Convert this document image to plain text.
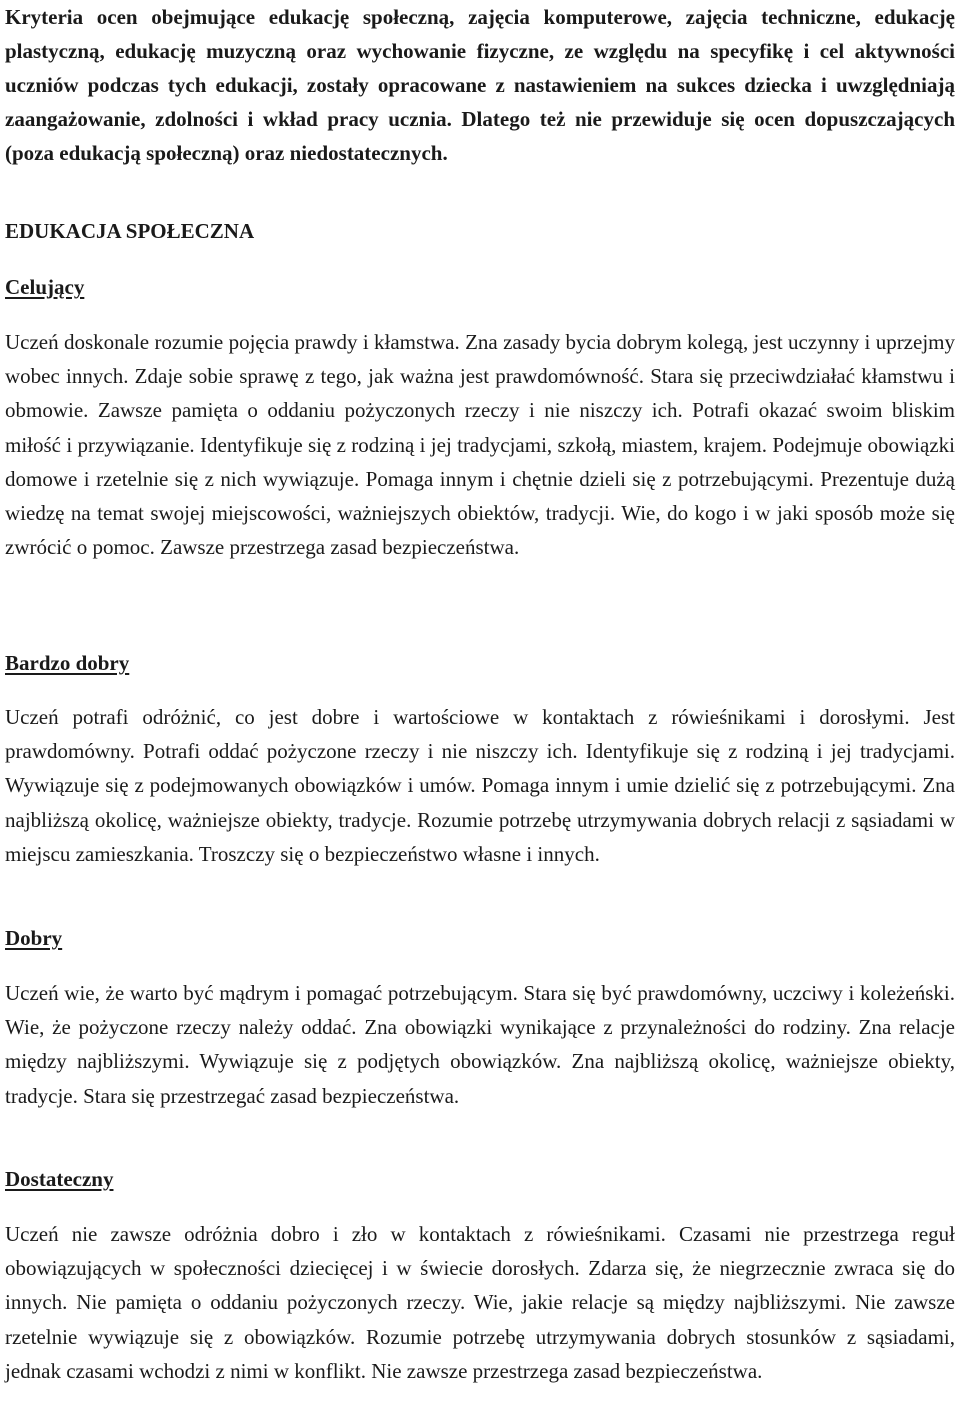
Kryteria ocen obejmujące edukację społeczną, zajęcia komputerowe, zajęcia techniczne, edukację plastyczną, edukację muzyczną oraz wychowanie fizyczne, ze względu na specyfikę i cel aktywności uczniów podczas tych edukacji, zostały opracowane z nastawieniem na sukces dziecka i uwzględniają zaangażowanie, zdolności i wkład pracy ucznia. Dlatego też nie przewiduje się ocen dopuszczających (poza edukacją społeczną) oraz niedostatecznych.

EDUKACJA SPOŁECZNA
Celujący

Uczeń doskonale rozumie pojęcia prawdy i kłamstwa. Zna zasady bycia dobrym kolegą, jest uczynny i uprzejmy wobec innych. Zdaje sobie sprawę z tego, jak ważna jest prawdomówność. Stara się przeciwdziałać kłamstwu i obmowie. Zawsze pamięta o oddaniu pożyczonych rzeczy i nie niszczy ich. Potrafi okazać swoim bliskim miłość i przywiązanie. Identyfikuje się z rodziną i jej tradycjami, szkołą, miastem, krajem. Podejmuje obowiązki domowe i rzetelnie się z nich wywiązuje. Pomaga innym i chętnie dzieli się z potrzebującymi. Prezentuje dużą wiedzę na temat swojej miejscowości, ważniejszych obiektów, tradycji. Wie, do kogo i w jaki sposób może się zwrócić o pomoc. Zawsze przestrzega zasad bezpieczeństwa.

Bardzo dobry

Uczeń potrafi odróżnić, co jest dobre i wartościowe w kontaktach z rówieśnikami i dorosłymi. Jest prawdomówny. Potrafi oddać pożyczone rzeczy i nie niszczy ich. Identyfikuje się z rodziną i jej tradycjami. Wywiązuje się z podejmowanych obowiązków i umów. Pomaga innym i umie dzielić się z potrzebującymi. Zna najbliższą okolicę, ważniejsze obiekty, tradycje. Rozumie potrzebę utrzymywania dobrych relacji z sąsiadami w miejscu zamieszkania. Troszczy się o bezpieczeństwo własne i innych.

Dobry

Uczeń wie, że warto być mądrym i pomagać potrzebującym. Stara się być prawdomówny, uczciwy i koleżeński. Wie, że pożyczone rzeczy należy oddać. Zna obowiązki wynikające z przynależności do rodziny. Zna relacje między najbliższymi. Wywiązuje się z podjętych obowiązków. Zna najbliższą okolicę, ważniejsze obiekty, tradycje. Stara się przestrzegać zasad bezpieczeństwa.

Dostateczny

Uczeń nie zawsze odróżnia dobro i zło w kontaktach z rówieśnikami. Czasami nie przestrzega reguł obowiązujących w społeczności dziecięcej i w świecie dorosłych. Zdarza się, że niegrzecznie zwraca się do innych. Nie pamięta o oddaniu pożyczonych rzeczy. Wie, jakie relacje są między najbliższymi. Nie zawsze rzetelnie wywiązuje się z obowiązków. Rozumie potrzebę utrzymywania dobrych stosunków z sąsiadami, jednak czasami wchodzi z nimi w konflikt. Nie zawsze przestrzega zasad bezpieczeństwa.
